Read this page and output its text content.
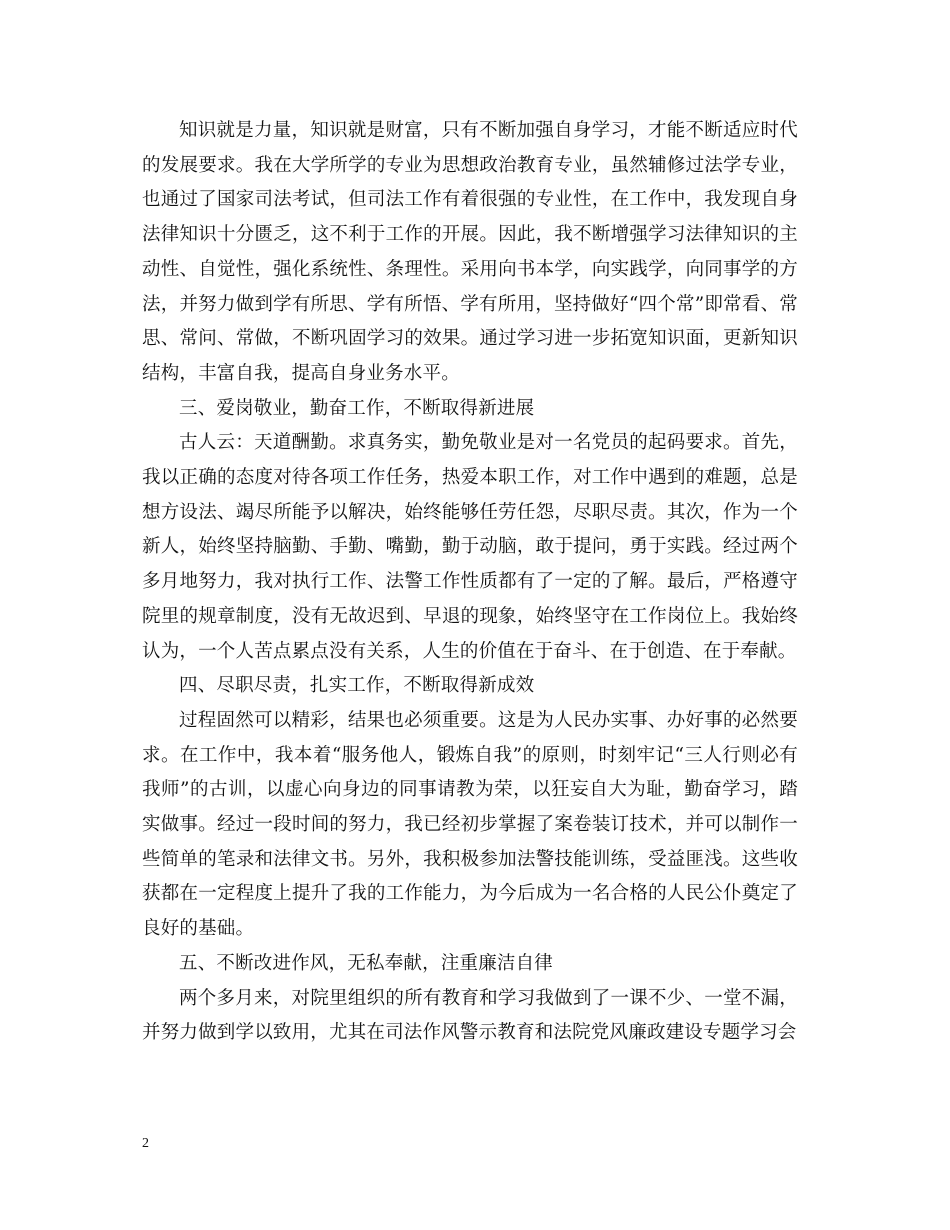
知识就是力量，知识就是财富，只有不断加强自身学习，才能不断适应时代的发展要求。我在大学所学的专业为思想政治教育专业，虽然辅修过法学专业，也通过了国家司法考试，但司法工作有着很强的专业性，在工作中，我发现自身法律知识十分匮乏，这不利于工作的开展。因此，我不断增强学习法律知识的主动性、自觉性，强化系统性、条理性。采用向书本学，向实践学，向同事学的方法，并努力做到学有所思、学有所悟、学有所用，坚持做好“四个常”即常看、常思、常问、常做，不断巩固学习的效果。通过学习进一步拓宽知识面，更新知识结构，丰富自我，提高自身业务水平。

三、爱岗敬业，勤奋工作，不断取得新进展

古人云：天道酬勤。求真务实，勤免敬业是对一名党员的起码要求。首先，我以正确的态度对待各项工作任务，热爱本职工作，对工作中遇到的难题，总是想方设法、竭尽所能予以解决，始终能够任劳任怨，尽职尽责。其次，作为一个新人，始终坚持脑勤、手勤、嘴勤，勤于动脑，敢于提问，勇于实践。经过两个多月地努力，我对执行工作、法警工作性质都有了一定的了解。最后，严格遵守院里的规章制度，没有无故迟到、早退的现象，始终坚守在工作岗位上。我始终认为，一个人苦点累点没有关系，人生的价值在于奋斗、在于创造、在于奉献。

四、尽职尽责，扎实工作，不断取得新成效

过程固然可以精彩，结果也必须重要。这是为人民办实事、办好事的必然要求。在工作中，我本着“服务他人，锻炼自我”的原则，时刻牢记“三人行则必有我师”的古训，以虚心向身边的同事请教为荣，以狂妄自大为耻，勤奋学习，踏实做事。经过一段时间的努力，我已经初步掌握了案卷装订技术，并可以制作一些简单的笔录和法律文书。另外，我积极参加法警技能训练，受益匪浅。这些收获都在一定程度上提升了我的工作能力，为今后成为一名合格的人民公仆奠定了良好的基础。

五、不断改进作风，无私奉献，注重廉洁自律

两个多月来，对院里组织的所有教育和学习我做到了一课不少、一堂不漏，并努力做到学以致用，尤其在司法作风警示教育和法院党风廉政建设专题学习会

2
